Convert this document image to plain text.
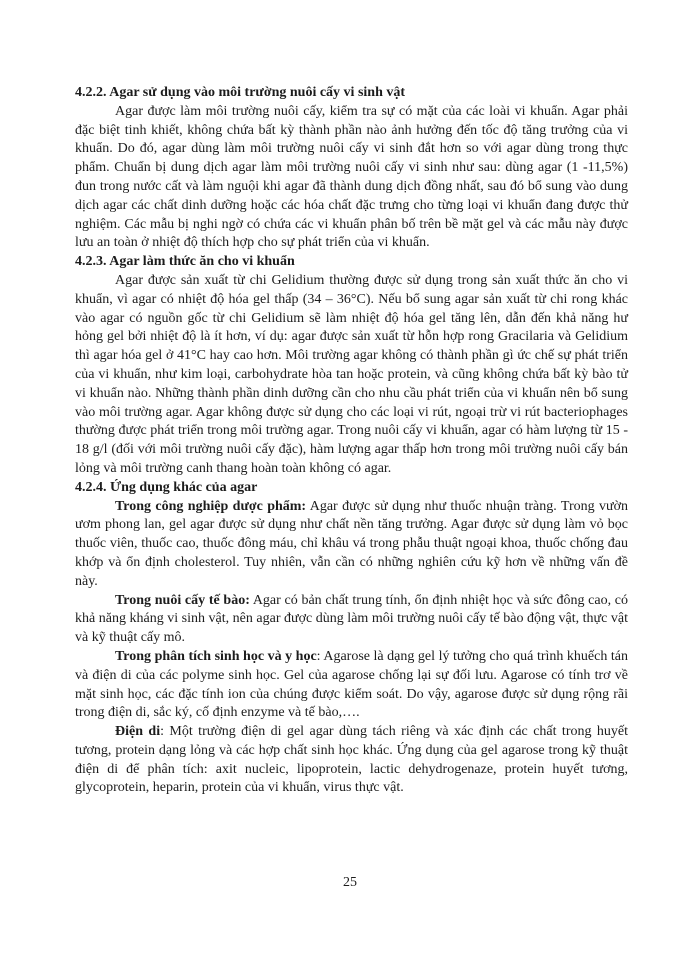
4.2.2. Agar sử dụng vào môi trường nuôi cấy vi sinh vật

Agar được làm môi trường nuôi cấy, kiểm tra sự có mặt của các loài vi khuẩn. Agar phải đặc biệt tinh khiết, không chứa bất kỳ thành phần nào ảnh hưởng đến tốc độ tăng trưởng của vi khuẩn. Do đó, agar dùng làm môi trường nuôi cấy vi sinh đắt hơn so với agar dùng trong thực phẩm. Chuẩn bị dung dịch agar làm môi trường nuôi cấy vi sinh như sau: dùng agar (1 -11,5%) đun trong nước cất và làm nguội khi agar đã thành dung dịch đồng nhất, sau đó bổ sung vào dung dịch agar các chất dinh dưỡng hoặc các hóa chất đặc trưng cho từng loại vi khuẩn đang được thử nghiệm. Các mẫu bị nghi ngờ có chứa các vi khuẩn phân bố trên bề mặt gel và các mẫu này được lưu an toàn ở nhiệt độ thích hợp cho sự phát triển của vi khuẩn.

4.2.3. Agar làm thức ăn cho vi khuẩn

Agar được sản xuất từ chi Gelidium thường được sử dụng trong sản xuất thức ăn cho vi khuẩn, vì agar có nhiệt độ hóa gel thấp (34 – 36°C). Nếu bổ sung agar sản xuất từ chi rong khác vào agar có nguồn gốc từ chi Gelidium sẽ làm nhiệt độ hóa gel tăng lên, dẫn đến khả năng hư hỏng gel bởi nhiệt độ là ít hơn, ví dụ: agar được sản xuất từ hỗn hợp rong Gracilaria và Gelidium thì agar hóa gel ở 41°C hay cao hơn. Môi trường agar không có thành phần gì ức chế sự phát triển của vi khuẩn, như kim loại, carbohydrate hòa tan hoặc protein, và cũng không chứa bất kỳ bào tử vi khuẩn nào. Những thành phần dinh dưỡng cần cho nhu cầu phát triển của vi khuẩn nên bổ sung vào môi trường agar. Agar không được sử dụng cho các loại vi rút, ngoại trừ vi rút bacteriophages thường được phát triển trong môi trường agar. Trong nuôi cấy vi khuẩn, agar có hàm lượng từ 15 - 18 g/l (đối với môi trường nuôi cấy đặc), hàm lượng agar thấp hơn trong môi trường nuôi cấy bán lỏng và môi trường canh thang hoàn toàn không có agar.

4.2.4. Ứng dụng khác của agar

Trong công nghiệp dược phẩm: Agar được sử dụng như thuốc nhuận tràng. Trong vườn ươm phong lan, gel agar được sử dụng như chất nền tăng trưởng. Agar được sử dụng làm vỏ bọc thuốc viên, thuốc cao, thuốc đông máu, chỉ khâu vá trong phẫu thuật ngoại khoa, thuốc chống đau khớp và ổn định cholesterol. Tuy nhiên, vẫn cần có những nghiên cứu kỹ hơn về những vấn đề này.

Trong nuôi cấy tế bào: Agar có bản chất trung tính, ổn định nhiệt học và sức đông cao, có khả năng kháng vi sinh vật, nên agar được dùng làm môi trường nuôi cấy tế bào động vật, thực vật và kỹ thuật cấy mô.

Trong phân tích sinh học và y học: Agarose là dạng gel lý tưởng cho quá trình khuếch tán và điện di của các polyme sinh học. Gel của agarose chống lại sự đối lưu. Agarose có tính trơ về mặt sinh học, các đặc tính ion của chúng được kiểm soát. Do vậy, agarose được sử dụng rộng rãi trong điện di, sắc ký, cố định enzyme và tế bào,….

Điện di: Một trường điện di gel agar dùng tách riêng và xác định các chất trong huyết tương, protein dạng lỏng và các hợp chất sinh học khác. Ứng dụng của gel agarose trong kỹ thuật điện di để phân tích: axit nucleic, lipoprotein, lactic dehydrogenaze, protein huyết tương, glycoprotein, heparin, protein của vi khuẩn, virus thực vật.

25
